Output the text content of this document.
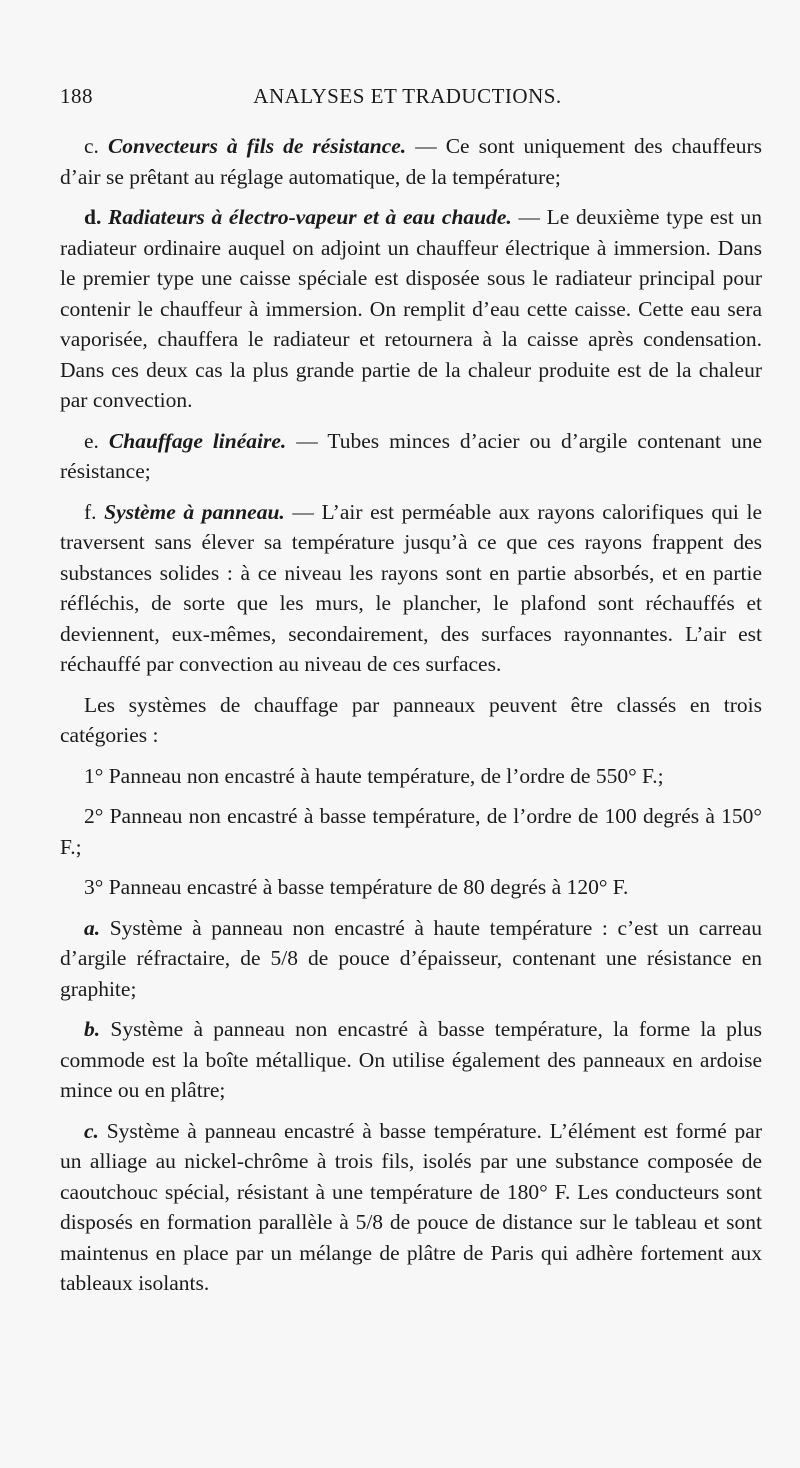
188	ANALYSES ET TRADUCTIONS.

c. Convecteurs à fils de résistance. — Ce sont uniquement des chauffeurs d’air se prêtant au réglage automatique, de la température;

d. Radiateurs à électro-vapeur et à eau chaude. — Le deuxième type est un radiateur ordinaire auquel on adjoint un chauffeur électrique à immersion. Dans le premier type une caisse spéciale est disposée sous le radiateur principal pour contenir le chauffeur à immersion. On remplit d’eau cette caisse. Cette eau sera vaporisée, chauffera le radiateur et retournera à la caisse après condensation. Dans ces deux cas la plus grande partie de la chaleur produite est de la chaleur par convection.

e. Chauffage linéaire. — Tubes minces d’acier ou d’argile contenant une résistance;

f. Système à panneau. — L’air est perméable aux rayons calorifiques qui le traversent sans élever sa température jusqu’à ce que ces rayons frappent des substances solides : à ce niveau les rayons sont en partie absorbés, et en partie réfléchis, de sorte que les murs, le plancher, le plafond sont réchauffés et deviennent, eux-mêmes, secondairement, des surfaces rayonnantes. L’air est réchauffé par convection au niveau de ces surfaces.

Les systèmes de chauffage par panneaux peuvent être classés en trois catégories :

1° Panneau non encastré à haute température, de l’ordre de 550° F.;

2° Panneau non encastré à basse température, de l’ordre de 100 degrés à 150° F.;

3° Panneau encastré à basse température de 80 degrés à 120° F.

a. Système à panneau non encastré à haute température : c’est un carreau d’argile réfractaire, de 5/8 de pouce d’épaisseur, contenant une résistance en graphite;

b. Système à panneau non encastré à basse température, la forme la plus commode est la boîte métallique. On utilise également des panneaux en ardoise mince ou en plâtre;

c. Système à panneau encastré à basse température. L’élément est formé par un alliage au nickel-chrôme à trois fils, isolés par une substance composée de caoutchouc spécial, résistant à une température de 180° F. Les conducteurs sont disposés en formation parallèle à 5/8 de pouce de distance sur le tableau et sont maintenus en place par un mélange de plâtre de Paris qui adhère fortement aux tableaux isolants.
